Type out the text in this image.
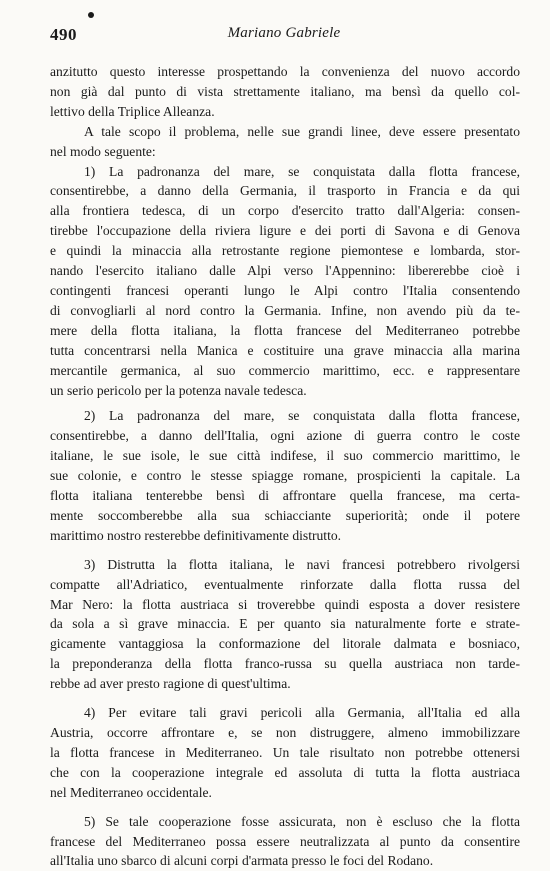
490	Mariano Gabriele
anzitutto questo interesse prospettando la convenienza del nuovo accordo
non già dal punto di vista strettamente italiano, ma bensì da quello col-
lettivo della Triplice Alleanza.
A tale scopo il problema, nelle sue grandi linee, deve essere presentato
nel modo seguente:
1) La padronanza del mare, se conquistata dalla flotta francese,
consentirebbe, a danno della Germania, il trasporto in Francia e da qui
alla frontiera tedesca, di un corpo d'esercito tratto dall'Algeria: consen-
tirebbe l'occupazione della riviera ligure e dei porti di Savona e di Genova
e quindi la minaccia alla retrostante regione piemontese e lombarda, stor-
nando l'esercito italiano dalle Alpi verso l'Appennino: libererebbe cioè i
contingenti francesi operanti lungo le Alpi contro l'Italia consentendo
di convogliarli al nord contro la Germania. Infine, non avendo più da te-
mere della flotta italiana, la flotta francese del Mediterraneo potrebbe
tutta concentrarsi nella Manica e costituire una grave minaccia alla marina
mercantile germanica, al suo commercio marittimo, ecc. e rappresentare
un serio pericolo per la potenza navale tedesca.
2) La padronanza del mare, se conquistata dalla flotta francese,
consentirebbe, a danno dell'Italia, ogni azione di guerra contro le coste
italiane, le sue isole, le sue città indifese, il suo commercio marittimo, le
sue colonie, e contro le stesse spiagge romane, prospicienti la capitale. La
flotta italiana tenterebbe bensì di affrontare quella francese, ma certa-
mente soccomberebbe alla sua schiacciante superiorità; onde il potere
marittimo nostro resterebbe definitivamente distrutto.
3) Distrutta la flotta italiana, le navi francesi potrebbero rivolgersi
compatte all'Adriatico, eventualmente rinforzate dalla flotta russa del
Mar Nero: la flotta austriaca si troverebbe quindi esposta a dover resistere
da sola a sì grave minaccia. E per quanto sia naturalmente forte e strate-
gicamente vantaggiosa la conformazione del litorale dalmata e bosniaco,
la preponderanza della flotta franco-russa su quella austriaca non tarde-
rebbe ad aver presto ragione di quest'ultima.
4) Per evitare tali gravi pericoli alla Germania, all'Italia ed alla
Austria, occorre affrontare e, se non distruggere, almeno immobilizzare
la flotta francese in Mediterraneo. Un tale risultato non potrebbe ottenersi
che con la cooperazione integrale ed assoluta di tutta la flotta austriaca
nel Mediterraneo occidentale.
5) Se tale cooperazione fosse assicurata, non è escluso che la flotta
francese del Mediterraneo possa essere neutralizzata al punto da consentire
all'Italia uno sbarco di alcuni corpi d'armata presso le foci del Rodano.
